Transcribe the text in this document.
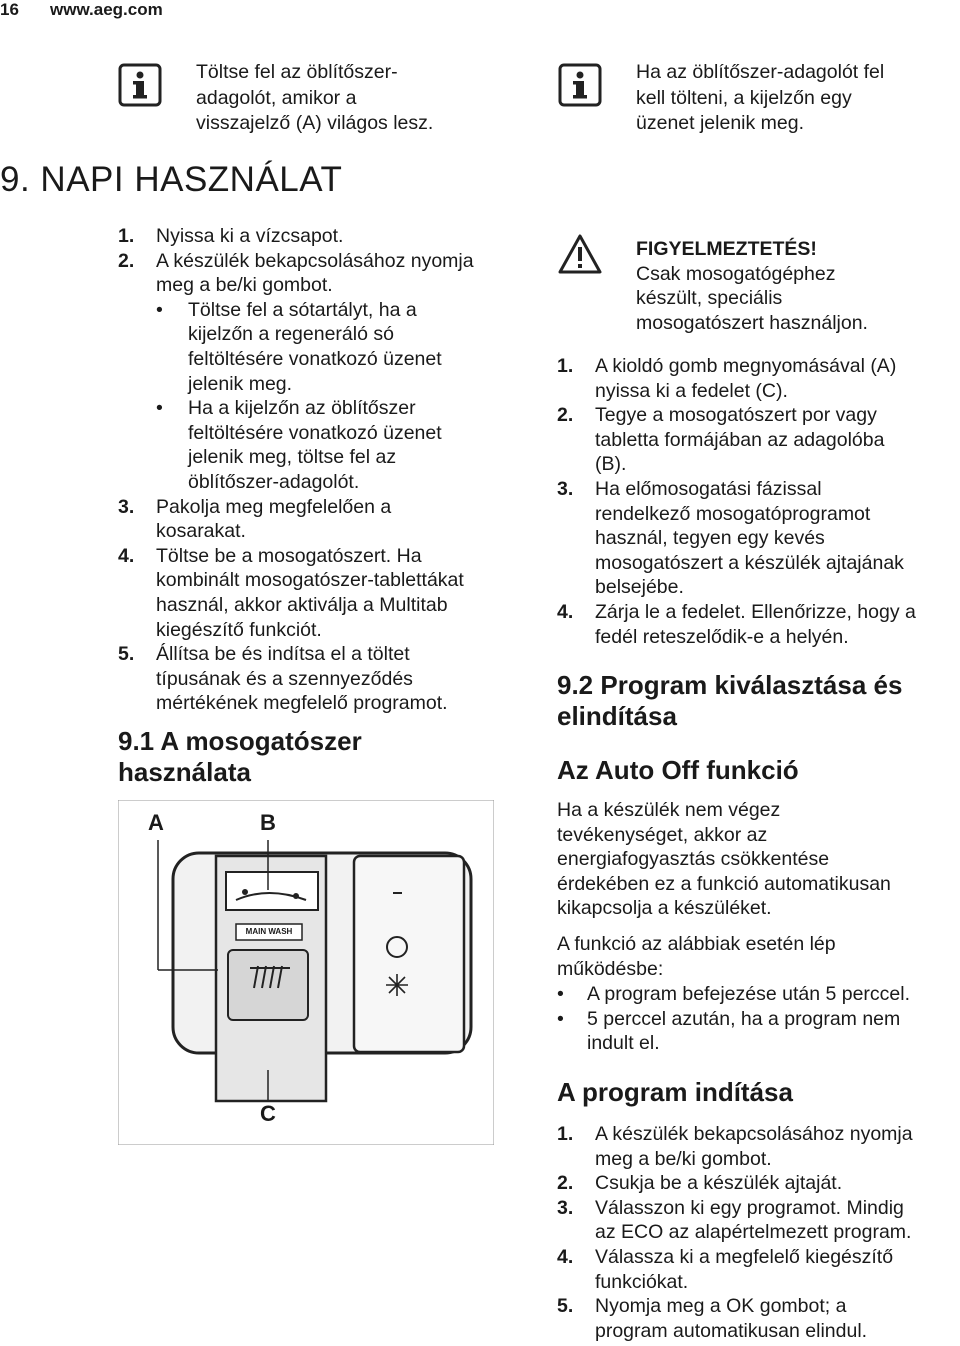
16 www.aeg.com
Töltse fel az öblítőszer-
adagolót, amikor a
visszajelző (A) világos lesz.
Ha az öblítőszer-adagolót fel
kell tölteni, a kijelzőn egy
üzenet jelenik meg.
9. NAPI HASZNÁLAT
1. Nyissa ki a vízcsapot.
2. A készülék bekapcsolásához nyomja
meg a be/ki gombot.
• Töltse fel a sótartályt, ha a
kijelzőn a regeneráló só
feltöltésére vonatkozó üzenet
jelenik meg.
• Ha a kijelzőn az öblítőszer
feltöltésére vonatkozó üzenet
jelenik meg, töltse fel az
öblítőszer-adagolót.
3. Pakolja meg megfelelően a
kosarakat.
4. Töltse be a mosogatószert. Ha
kombinált mosogatószer-tablettákat
használ, akkor aktiválja a Multitab
kiegészítő funkciót.
5. Állítsa be és indítsa el a töltet
típusának és a szennyeződés
mértékének megfelelő programot.
9.1 A mosogatószer
használata
A	B
C
MAIN WASH
FIGYELMEZTETÉS!
Csak mosogatógéphez
készült, speciális
mosogatószert használjon.
1. A kioldó gomb megnyomásával (A)
nyissa ki a fedelet (C).
2. Tegye a mosogatószert por vagy
tabletta formájában az adagolóba
(B).
3. Ha előmosogatási fázissal
rendelkező mosogatóprogramot
használ, tegyen egy kevés
mosogatószert a készülék ajtajának
belsejébe.
4. Zárja le a fedelet. Ellenőrizze, hogy a
fedél reteszelődik-e a helyén.
9.2 Program kiválasztása és
elindítása
Az Auto Off funkció
Ha a készülék nem végez
tevékenységet, akkor az
energiafogyasztás csökkentése
érdekében ez a funkció automatikusan
kikapcsolja a készüléket.
A funkció az alábbiak esetén lép
működésbe:
• A program befejezése után 5 perccel.
• 5 perccel azután, ha a program nem
indult el.
A program indítása
1. A készülék bekapcsolásához nyomja
meg a be/ki gombot.
2. Csukja be a készülék ajtaját.
3. Válasszon ki egy programot. Mindig
az ECO az alapértelmezett program.
4. Válassza ki a megfelelő kiegészítő
funkciókat.
5. Nyomja meg a OK gombot; a
program automatikusan elindul.
